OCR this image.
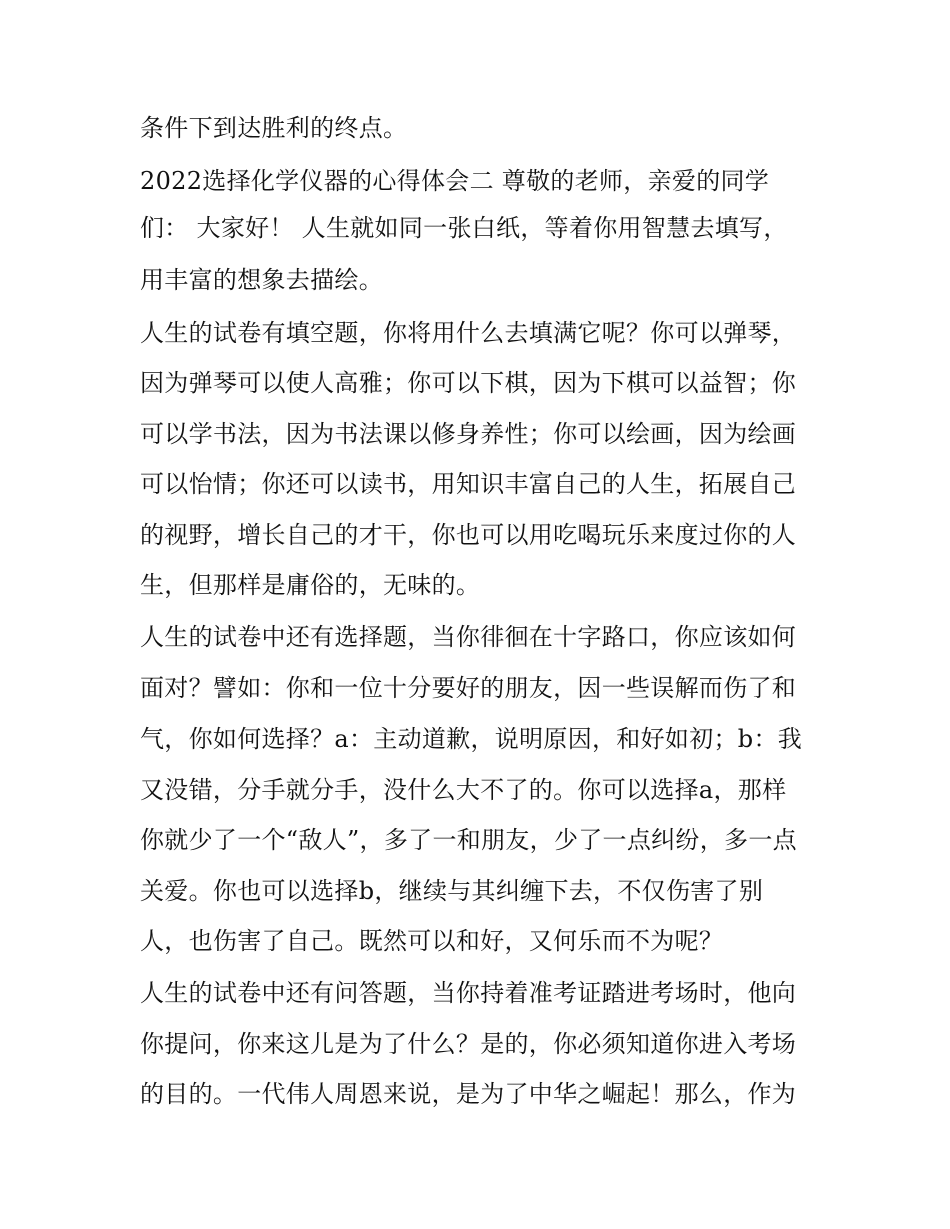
条件下到达胜利的终点。
2022选择化学仪器的心得体会二 尊敬的老师，亲爱的同学
们： 大家好！ 人生就如同一张白纸，等着你用智慧去填写，
用丰富的想象去描绘。
人生的试卷有填空题，你将用什么去填满它呢？你可以弹琴，
因为弹琴可以使人高雅；你可以下棋，因为下棋可以益智；你
可以学书法，因为书法课以修身养性；你可以绘画，因为绘画
可以怡情；你还可以读书，用知识丰富自己的人生，拓展自己
的视野，增长自己的才干，你也可以用吃喝玩乐来度过你的人
生，但那样是庸俗的，无味的。
人生的试卷中还有选择题，当你徘徊在十字路口，你应该如何
面对？譬如：你和一位十分要好的朋友，因一些误解而伤了和
气，你如何选择？a：主动道歉，说明原因，和好如初；b：我
又没错，分手就分手，没什么大不了的。你可以选择a，那样
你就少了一个“敌人”，多了一和朋友，少了一点纠纷，多一点
关爱。你也可以选择b，继续与其纠缠下去，不仅伤害了别
人，也伤害了自己。既然可以和好，又何乐而不为呢？
人生的试卷中还有问答题，当你持着准考证踏进考场时，他向
你提问，你来这儿是为了什么？是的，你必须知道你进入考场
的目的。一代伟人周恩来说，是为了中华之崛起！那么，作为
